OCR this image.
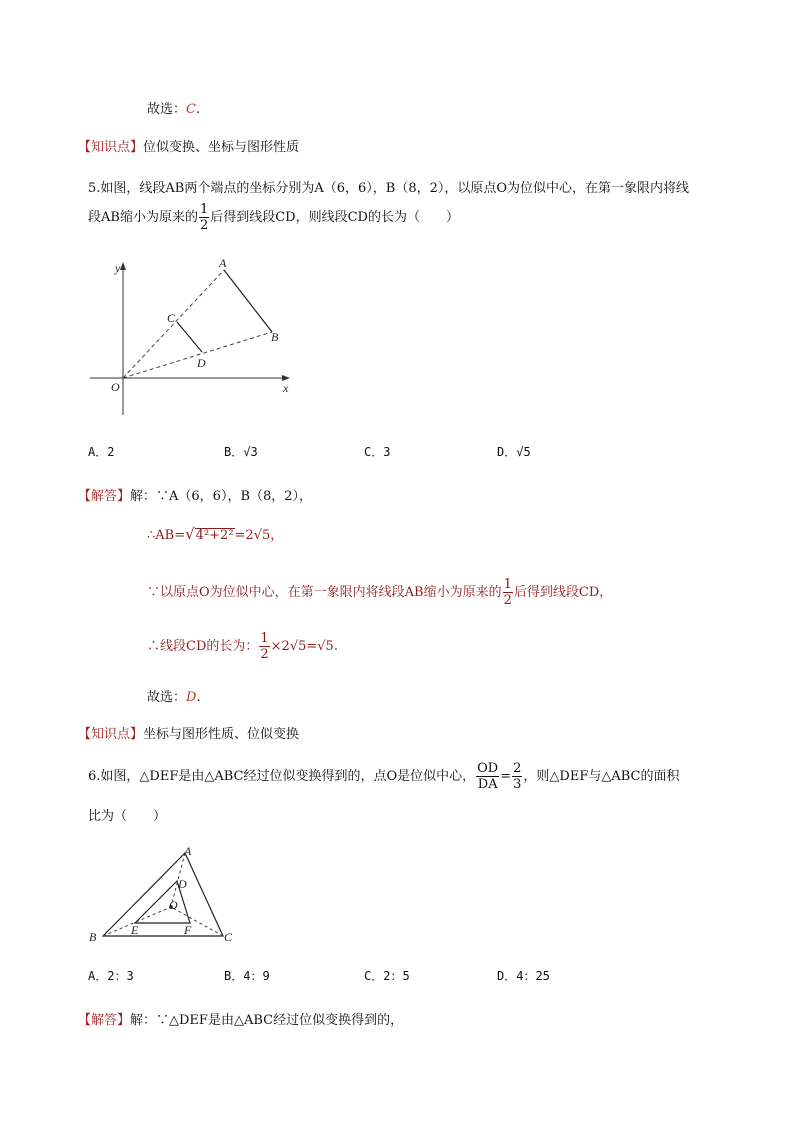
故选：C.
【知识点】位似变换、坐标与图形性质
5.如图，线段AB两个端点的坐标分别为A（6，6），B（8，2），以原点O为位似中心，在第一象限内将线
段AB缩小为原来的 $\frac{1}{2}$ 后得到线段CD，则线段CD的长为（　　）
y
x
O
A
B
C
D
A．2	B．√3	C．3	D．√5
【解答】解：∵A（6，6），B（8，2），
∴AB=√4²+2²=2√5，
∵以原点O为位似中心，在第一象限内将线段AB缩小为原来的 $\frac{1}{2}$ 后得到线段CD，
∴线段CD的长为： $\frac{1}{2} \times 2√5=√5$.
故选：D.
【知识点】坐标与图形性质、位似变换
6.如图，△DEF是由△ABC经过位似变换得到的，点O是位似中心， $\frac{OD}{DA} = \frac{2}{3}$ ，则△DEF与△ABC的面积
比为（　　）
A
B	C
D
E	F
O
A．2：3	B．4：9	C．2：5	D．4：25
【解答】解：∵△DEF是由△ABC经过位似变换得到的，
